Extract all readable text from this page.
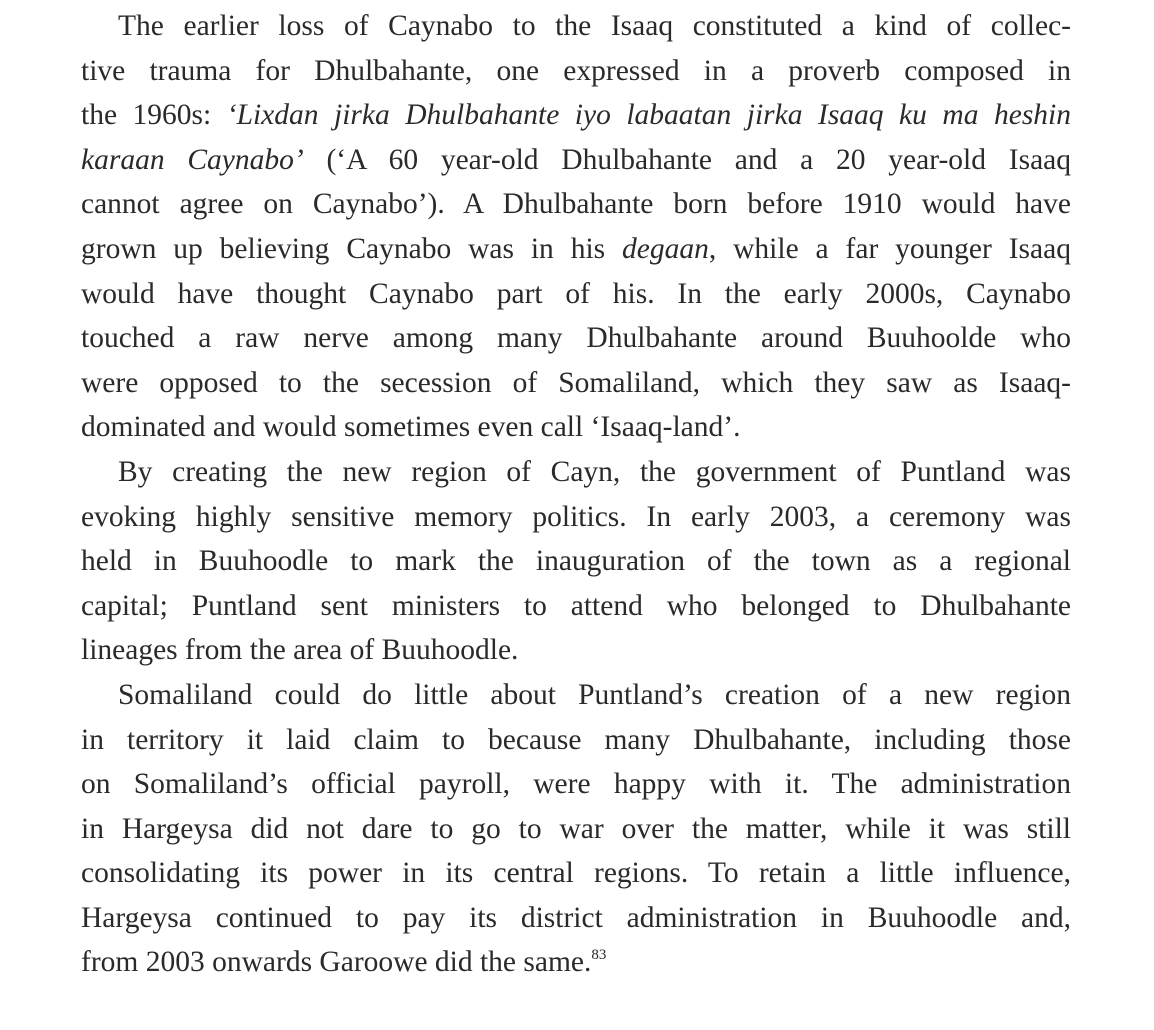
The earlier loss of Caynabo to the Isaaq constituted a kind of collec-
tive trauma for Dhulbahante, one expressed in a proverb composed in
the 1960s: ‘Lixdan jirka Dhulbahante iyo labaatan jirka Isaaq ku ma heshin
karaan Caynabo’ (‘A 60 year-old Dhulbahante and a 20 year-old Isaaq
cannot agree on Caynabo’). A Dhulbahante born before 1910 would have
grown up believing Caynabo was in his degaan, while a far younger Isaaq
would have thought Caynabo part of his. In the early 2000s, Caynabo
touched a raw nerve among many Dhulbahante around Buuhoolde who
were opposed to the secession of Somaliland, which they saw as Isaaq-
dominated and would sometimes even call ‘Isaaq-land’.
By creating the new region of Cayn, the government of Puntland was
evoking highly sensitive memory politics. In early 2003, a ceremony was
held in Buuhoodle to mark the inauguration of the town as a regional
capital; Puntland sent ministers to attend who belonged to Dhulbahante
lineages from the area of Buuhoodle.
Somaliland could do little about Puntland’s creation of a new region
in territory it laid claim to because many Dhulbahante, including those
on Somaliland’s official payroll, were happy with it. The administration
in Hargeysa did not dare to go to war over the matter, while it was still
consolidating its power in its central regions. To retain a little influence,
Hargeysa continued to pay its district administration in Buuhoodle and,
from 2003 onwards Garoowe did the same.$^{83}$
